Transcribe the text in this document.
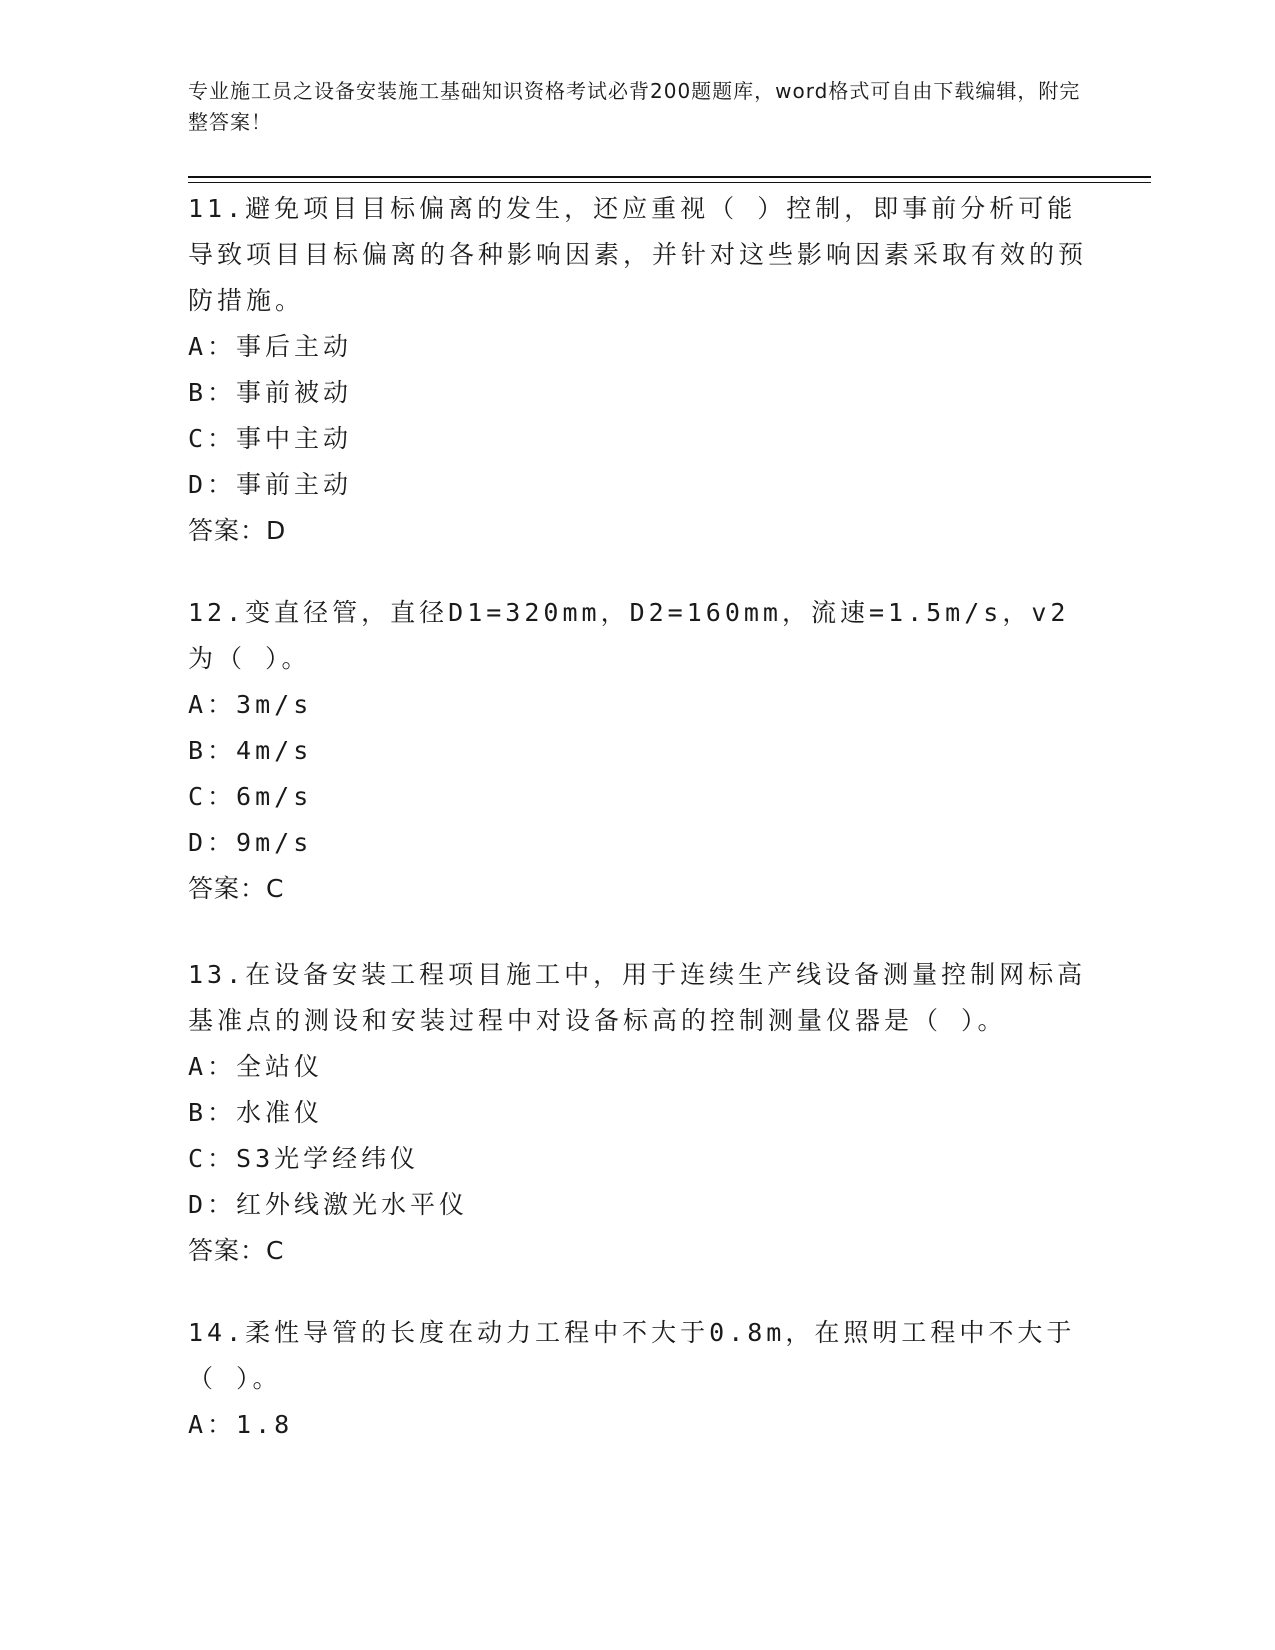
专业施工员之设备安装施工基础知识资格考试必背200题题库，word格式可自由下载编辑，附完整答案！

11.避免项目目标偏离的发生，还应重视（ ）控制，即事前分析可能导致项目目标偏离的各种影响因素，并针对这些影响因素采取有效的预防措施。

A：事后主动

B：事前被动

C：事中主动

D：事前主动

答案：D

12.变直径管，直径D1=320mm，D2=160mm，流速=1.5m/s，v2为（ ）。

A：3m/s

B：4m/s

C：6m/s

D：9m/s

答案：C

13.在设备安装工程项目施工中，用于连续生产线设备测量控制网标高基准点的测设和安装过程中对设备标高的控制测量仪器是（ ）。

A：全站仪

B：水准仪

C：S3光学经纬仪

D：红外线激光水平仪

答案：C

14.柔性导管的长度在动力工程中不大于0.8m，在照明工程中不大于（ ）。

A：1.8
